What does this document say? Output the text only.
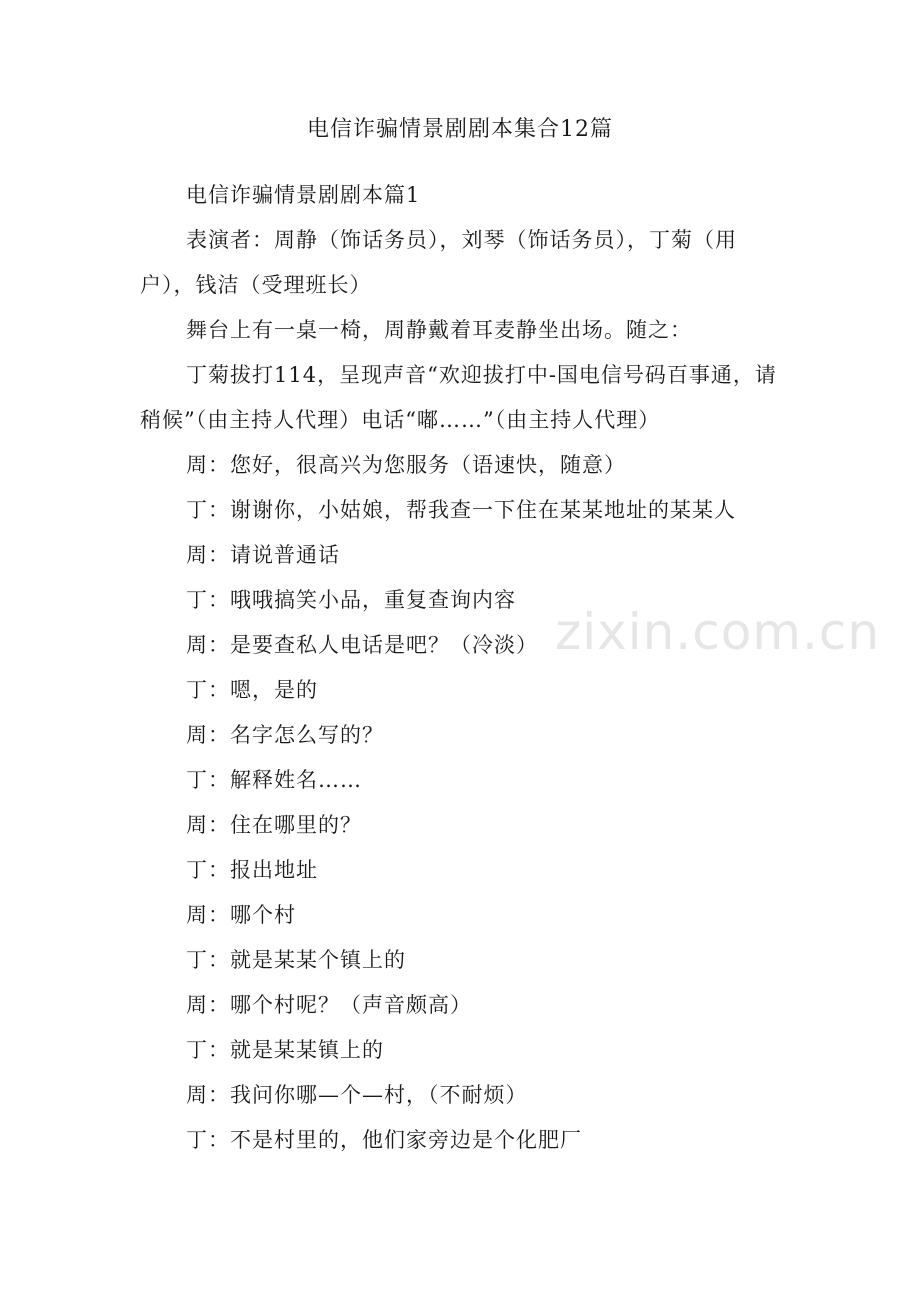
zixin.com.cn
电信诈骗情景剧剧本集合12篇

电信诈骗情景剧剧本篇1

表演者：周静（饰话务员），刘琴（饰话务员），丁菊（用户），钱洁（受理班长）

舞台上有一桌一椅，周静戴着耳麦静坐出场。随之：

丁菊拔打114，呈现声音“欢迎拔打中-国电信号码百事通，请稍候”（由主持人代理）电话“嘟……”（由主持人代理）

周：您好，很高兴为您服务（语速快，随意）

丁：谢谢你，小姑娘，帮我查一下住在某某地址的某某人

周：请说普通话

丁：哦哦搞笑小品，重复查询内容

周：是要查私人电话是吧？（冷淡）

丁：嗯，是的

周：名字怎么写的？

丁：解释姓名……

周：住在哪里的？

丁：报出地址

周：哪个村

丁：就是某某个镇上的

周：哪个村呢？（声音颇高）

丁：就是某某镇上的

周：我问你哪—个—村，（不耐烦）

丁：不是村里的，他们家旁边是个化肥厂
